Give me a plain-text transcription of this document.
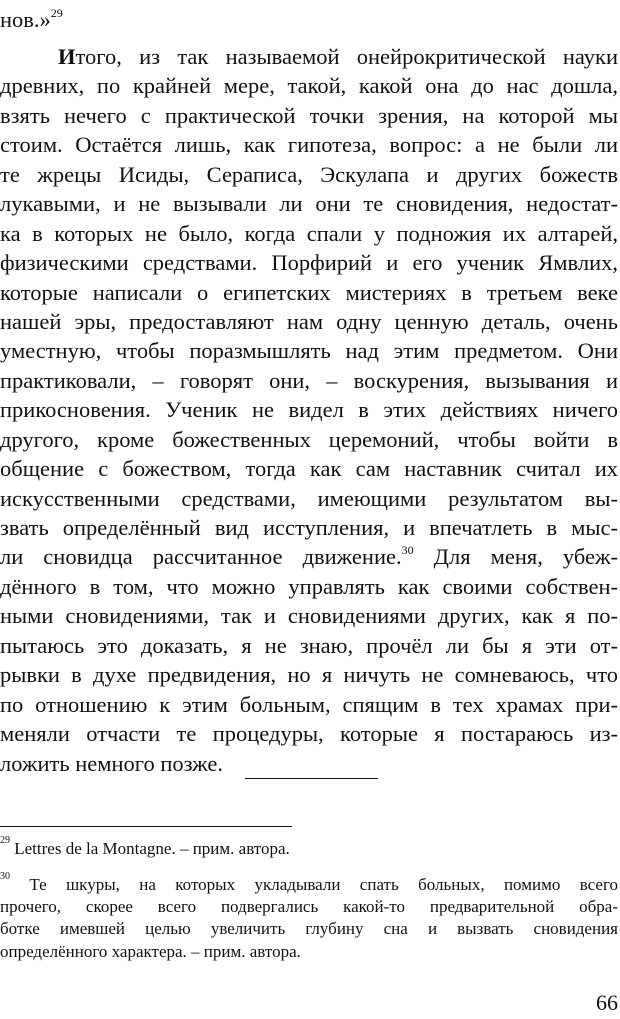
нов.»$^{29}$
Итого, из так называемой онейрокритической науки
древних, по крайней мере, такой, какой она до нас дошла,
взять нечего с практической точки зрения, на которой мы
стоим. Остаётся лишь, как гипотеза, вопрос: а не были ли
те жрецы Исиды, Сераписа, Эскулапа и других божеств
лукавыми, и не вызывали ли они те сновидения, недостат-
ка в которых не было, когда спали у подножия их алтарей,
физическими средствами. Порфирий и его ученик Ямвлих,
которые написали о египетских мистериях в третьем веке
нашей эры, предоставляют нам одну ценную деталь, очень
уместную, чтобы поразмышлять над этим предметом. Они
практиковали, – говорят они, – воскурения, вызывания и
прикосновения. Ученик не видел в этих действиях ничего
другого, кроме божественных церемоний, чтобы войти в
общение с божеством, тогда как сам наставник считал их
искусственными средствами, имеющими результатом вы-
звать определённый вид исступления, и впечатлеть в мыс-
ли сновидца рассчитанное движение.$^{30}$ Для меня, убеж-
дённого в том, что можно управлять как своими собствен-
ными сновидениями, так и сновидениями других, как я по-
пытаюсь это доказать, я не знаю, прочёл ли бы я эти от-
рывки в духе предвидения, но я ничуть не сомневаюсь, что
по отношению к этим больным, спящим в тех храмах при-
меняли отчасти те процедуры, которые я постараюсь из-
ложить немного позже.
$^{29}$ Lettres de la Montagne. – прим. автора.
$^{30}$ Те шкуры, на которых укладывали спать больных, помимо всего
прочего, скорее всего подвергались какой-то предварительной обра-
ботке имевшей целью увеличить глубину сна и вызвать сновидения
определённого характера. – прим. автора.
66
